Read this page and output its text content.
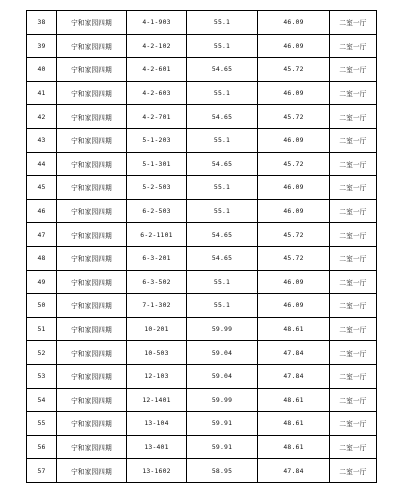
38	宁和家园四期	4-1-903	55.1	46.09	二室一厅
39	宁和家园四期	4-2-102	55.1	46.09	二室一厅
40	宁和家园四期	4-2-601	54.65	45.72	二室一厅
41	宁和家园四期	4-2-603	55.1	46.09	二室一厅
42	宁和家园四期	4-2-701	54.65	45.72	二室一厅
43	宁和家园四期	5-1-203	55.1	46.09	二室一厅
44	宁和家园四期	5-1-301	54.65	45.72	二室一厅
45	宁和家园四期	5-2-503	55.1	46.09	二室一厅
46	宁和家园四期	6-2-503	55.1	46.09	二室一厅
47	宁和家园四期	6-2-1101	54.65	45.72	二室一厅
48	宁和家园四期	6-3-201	54.65	45.72	二室一厅
49	宁和家园四期	6-3-502	55.1	46.09	二室一厅
50	宁和家园四期	7-1-302	55.1	46.09	二室一厅
51	宁和家园四期	10-201	59.99	48.61	二室一厅
52	宁和家园四期	10-503	59.04	47.84	二室一厅
53	宁和家园四期	12-103	59.04	47.84	二室一厅
54	宁和家园四期	12-1401	59.99	48.61	二室一厅
55	宁和家园四期	13-104	59.91	48.61	二室一厅
56	宁和家园四期	13-401	59.91	48.61	二室一厅
57	宁和家园四期	13-1602	58.95	47.84	二室一厅
